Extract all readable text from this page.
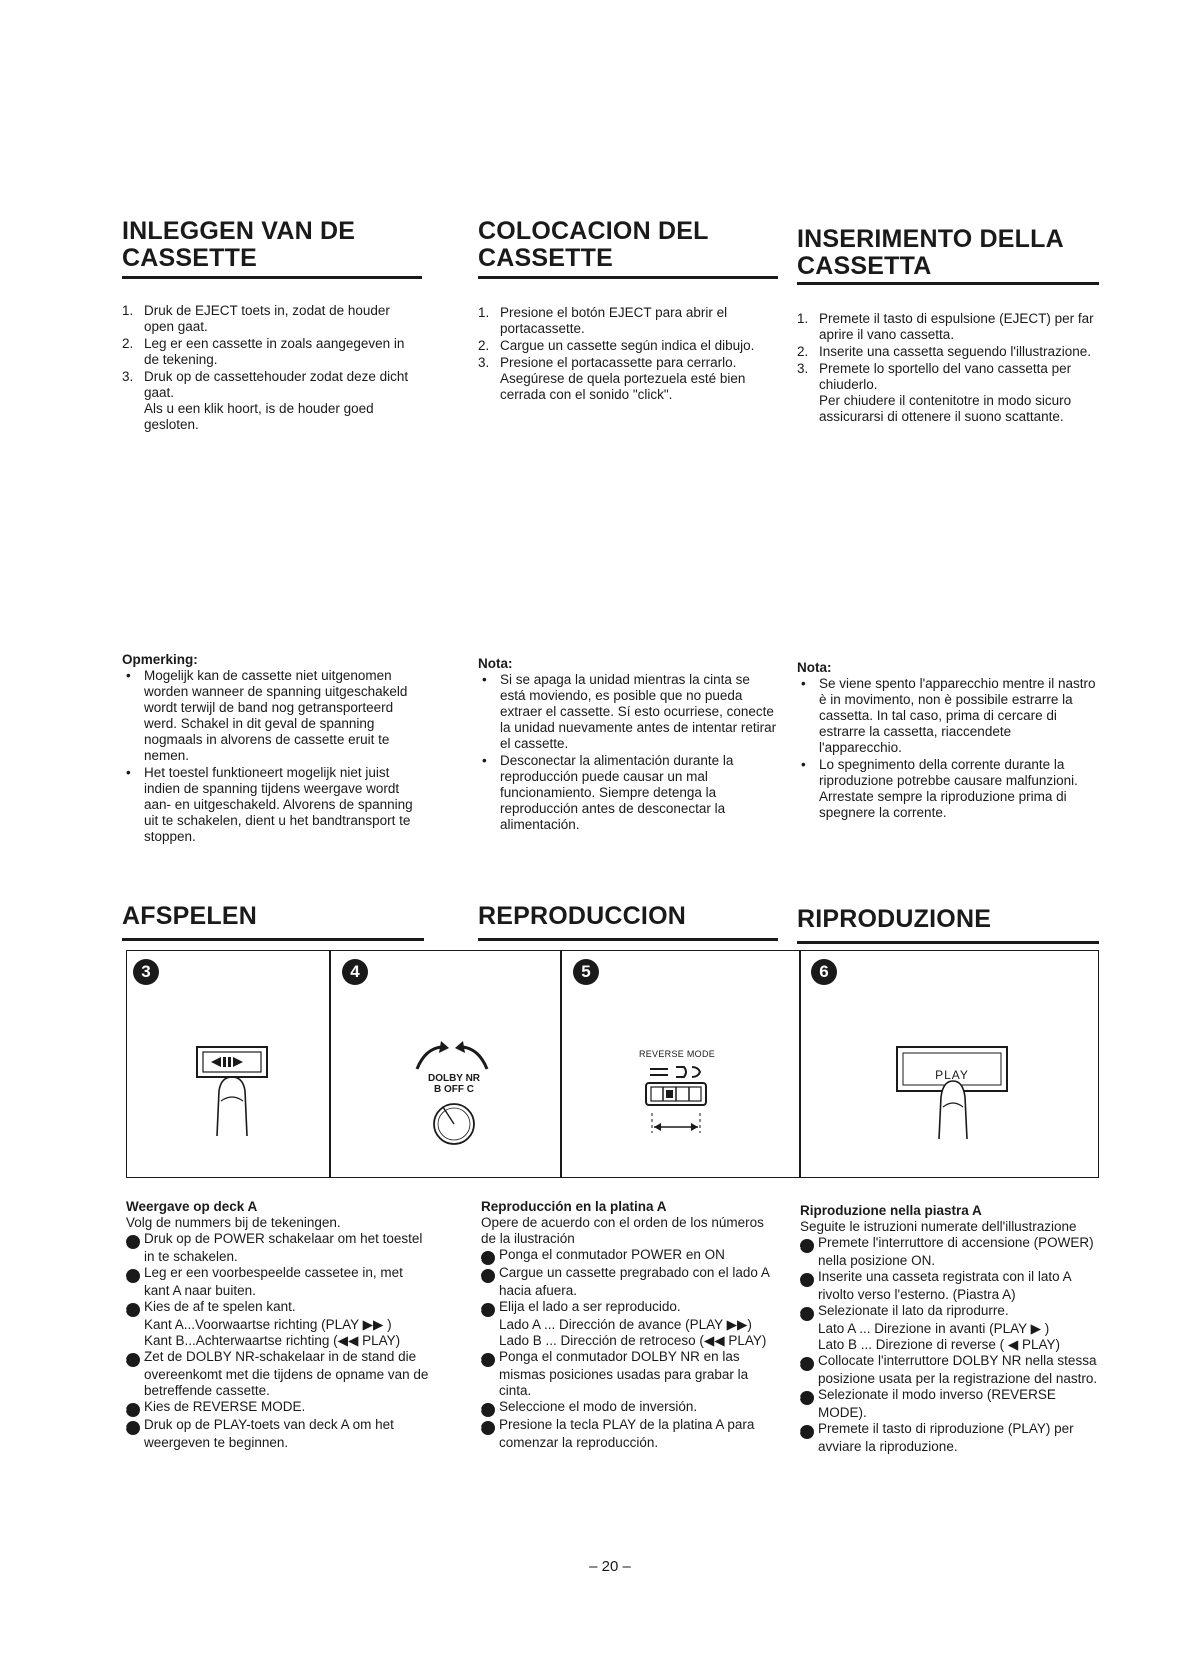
INLEGGEN VAN DE
CASSETTE
1. Druk de EJECT toets in, zodat de houder open gaat.
2. Leg er een cassette in zoals aangegeven in de tekening.
3. Druk op de cassettehouder zodat deze dicht gaat.
Als u een klik hoort, is de houder goed gesloten.
COLOCACION DEL
CASSETTE
1. Presione el botón EJECT para abrir el portacassette.
2. Cargue un cassette según indica el dibujo.
3. Presione el portacassette para cerrarlo.
Asegúrese de quela portezuela esté bien cerrada con el sonido "click".
INSERIMENTO DELLA
CASSETTA
1. Premete il tasto di espulsione (EJECT) per far aprire il vano cassetta.
2. Inserite una cassetta seguendo l'illustrazione.
3. Premete lo sportello del vano cassetta per chiuderlo.
Per chiudere il contenitotre in modo sicuro assicurarsi di ottenere il suono scattante.
Opmerking:
• Mogelijk kan de cassette niet uitgenomen worden wanneer de spanning uitgeschakeld wordt terwijl de band nog getransporteerd werd. Schakel in dit geval de spanning nogmaals in alvorens de cassette eruit te nemen.
• Het toestel funktioneert mogelijk niet juist indien de spanning tijdens weergave wordt aan- en uitgeschakeld. Alvorens de spanning uit te schakelen, dient u het bandtransport te stoppen.
Nota:
• Si se apaga la unidad mientras la cinta se está moviendo, es posible que no pueda extraer el cassette. Sí esto ocurriese, conecte la unidad nuevamente antes de intentar retirar el cassette.
• Desconectar la alimentación durante la reproducción puede causar un mal funcionamiento. Siempre detenga la reproducción antes de desconectar la alimentación.
Nota:
• Se viene spento l'apparecchio mentre il nastro è in movimento, non è possibile estrarre la cassetta. In tal caso, prima di cercare di estrarre la cassetta, riaccendete l'apparecchio.
• Lo spegnimento della corrente durante la riproduzione potrebbe causare malfunzioni. Arrestate sempre la riproduzione prima di spegnere la corrente.
AFSPELEN	REPRODUCCION	RIPRODUZIONE
3	4
DOLBY NR
B OFF C
5
REVERSE MODE
6
PLAY
Weergave op deck A
Volg de nummers bij de tekeningen.
1 Druk op de POWER schakelaar om het toestel in te schakelen.
2 Leg er een voorbespeelde cassetee in, met kant A naar buiten.
3 Kies de af te spelen kant.
Kant A...Voorwaartse richting (PLAY ▶▶ )
Kant B...Achterwaartse richting (◀◀ PLAY)
4 Zet de DOLBY NR-schakelaar in de stand die overeenkomt met die tijdens de opname van de betreffende cassette.
5 Kies de REVERSE MODE.
6 Druk op de PLAY-toets van deck A om het weergeven te beginnen.
Reproducción en la platina A
Opere de acuerdo con el orden de los números de la ilustración
1 Ponga el conmutador POWER en ON
2 Cargue un cassette pregrabado con el lado A hacia afuera.
3 Elija el lado a ser reproducido.
Lado A ... Dirección de avance (PLAY ▶▶)
Lado B ... Dirección de retroceso (◀◀ PLAY)
4 Ponga el conmutador DOLBY NR en las mismas posiciones usadas para grabar la cinta.
5 Seleccione el modo de inversión.
6 Presione la tecla PLAY de la platina A para comenzar la reproducción.
Riproduzione nella piastra A
Seguite le istruzioni numerate dell'illustrazione
1 Premete l'interruttore di accensione (POWER) nella posizione ON.
2 Inserite una casseta registrata con il lato A rivolto verso l'esterno. (Piastra A)
3 Selezionate il lato da riprodurre.
Lato A ... Direzione in avanti (PLAY ▶ )
Lato B ... Direzione di reverse ( ◀ PLAY)
4 Collocate l'interruttore DOLBY NR nella stessa posizione usata per la registrazione del nastro.
5 Selezionate il modo inverso (REVERSE MODE).
6 Premete il tasto di riproduzione (PLAY) per avviare la riproduzione.
– 20 –
